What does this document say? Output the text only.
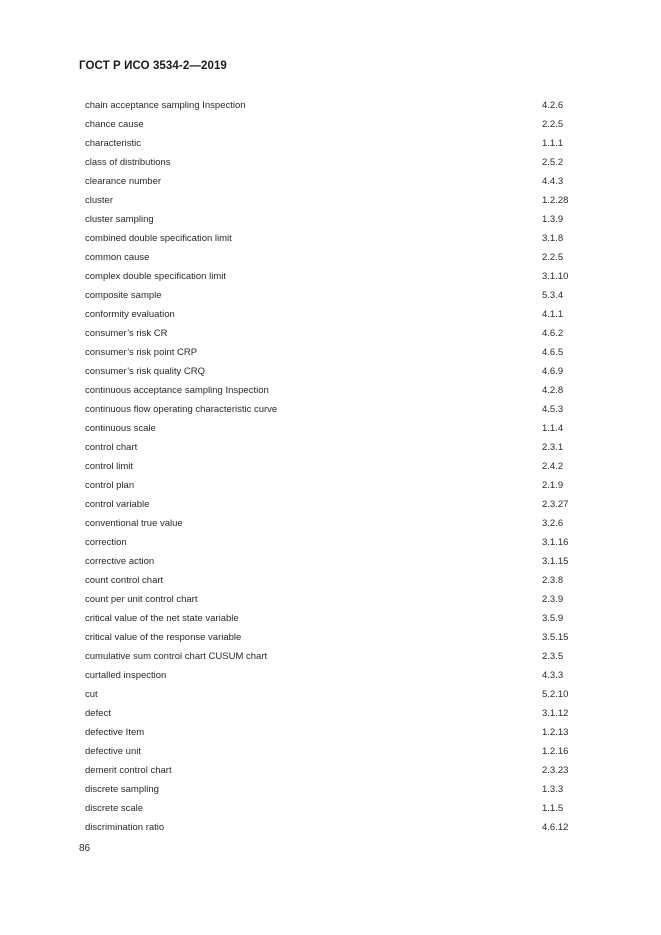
ГОСТ Р ИСО 3534-2—2019
chain acceptance sampling Inspection	4.2.6
chance cause	2.2.5
characteristic	1.1.1
class of distributions	2.5.2
clearance number	4.4.3
cluster	1.2.28
cluster sampling	1.3.9
combined double specification limit	3.1.8
common cause	2.2.5
complex double specification limit	3.1.10
composite sample	5.3.4
conformity evaluation	4.1.1
consumer’s risk CR	4.6.2
consumer’s risk point CRP	4.6.5
consumer’s risk quality CRQ	4.6.9
continuous acceptance sampling Inspection	4.2.8
continuous flow operating characteristic curve	4.5.3
continuous scale	1.1.4
control chart	2.3.1
control limit	2.4.2
control plan	2.1.9
control variable	2.3.27
conventional true value	3.2.6
correction	3.1.16
corrective action	3.1.15
count control chart	2.3.8
count per unit control chart	2.3.9
critical value of the net state variable	3.5.9
critical value of the response variable	3.5.15
cumulative sum control chart CUSUM chart	2.3.5
curtalled inspection	4.3.3
cut	5.2.10
defect	3.1.12
defective Item	1.2.13
defective unit	1.2.16
demerit control chart	2.3.23
discrete sampling	1.3.3
discrete scale	1.1.5
discrimination ratio	4.6.12
86
